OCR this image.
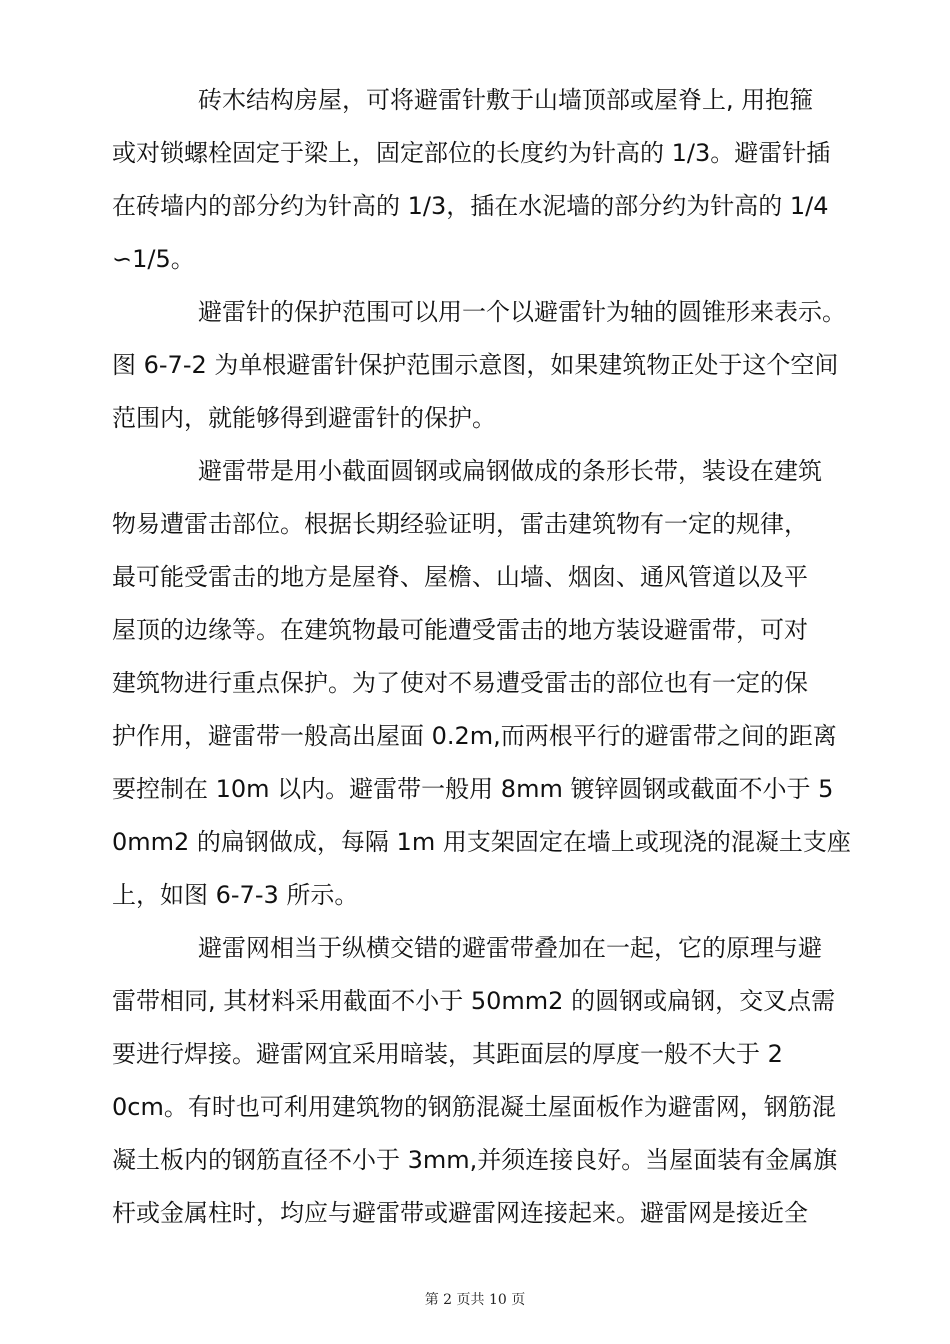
砖木结构房屋，可将避雷针敷于山墙顶部或屋脊上, 用抱箍
或对锁螺栓固定于梁上，固定部位的长度约为针高的 1/3。避雷针插
在砖墙内的部分约为针高的 1/3，插在水泥墙的部分约为针高的 1/4
∽1/5。
避雷针的保护范围可以用一个以避雷针为轴的圆锥形来表示。
图 6-7-2 为单根避雷针保护范围示意图，如果建筑物正处于这个空间
范围内，就能够得到避雷针的保护。
避雷带是用小截面圆钢或扁钢做成的条形长带，装设在建筑
物易遭雷击部位。根据长期经验证明，雷击建筑物有一定的规律，
最可能受雷击的地方是屋脊、屋檐、山墙、烟囱、通风管道以及平
屋顶的边缘等。在建筑物最可能遭受雷击的地方装设避雷带，可对
建筑物进行重点保护。为了使对不易遭受雷击的部位也有一定的保
护作用，避雷带一般高出屋面 0.2m,而两根平行的避雷带之间的距离
要控制在 10m 以内。避雷带一般用 8mm 镀锌圆钢或截面不小于 5
0mm2 的扁钢做成，每隔 1m 用支架固定在墙上或现浇的混凝土支座
上，如图 6-7-3 所示。
避雷网相当于纵横交错的避雷带叠加在一起，它的原理与避
雷带相同, 其材料采用截面不小于 50mm2 的圆钢或扁钢，交叉点需
要进行焊接。避雷网宜采用暗装，其距面层的厚度一般不大于 2
0cm。有时也可利用建筑物的钢筋混凝土屋面板作为避雷网，钢筋混
凝土板内的钢筋直径不小于 3mm,并须连接良好。当屋面装有金属旗
杆或金属柱时，均应与避雷带或避雷网连接起来。避雷网是接近全
第 2 页共 10 页
